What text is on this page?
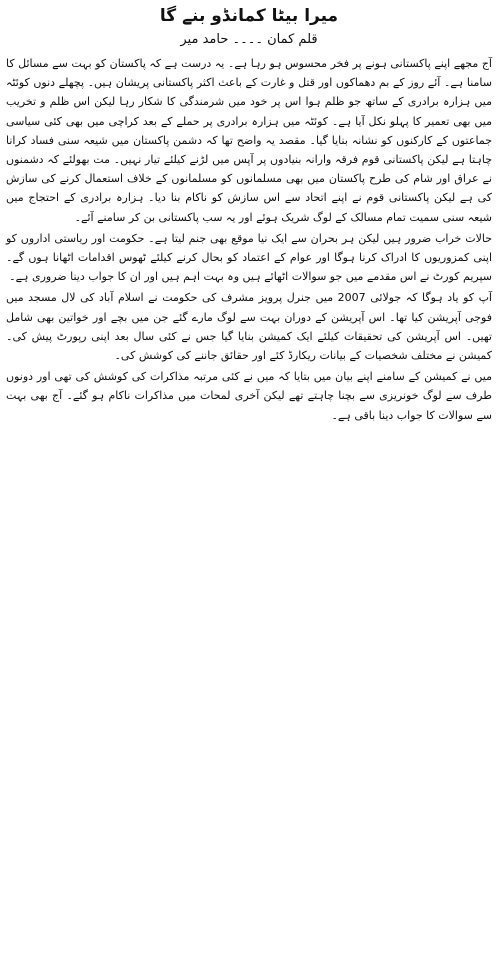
میرا بیٹا کمانڈو بنے گا
قلم کمان ۔۔۔۔ حامد میر

آج مجھے اپنے پاکستانی ہونے پر فخر محسوس ہو رہا ہے۔ یہ درست ہے کہ پاکستان کو بہت سے مسائل کا سامنا ہے۔ آئے روز کے بم دھماکوں اور قتل و غارت کے باعث اکثر پاکستانی پریشان ہیں۔ پچھلے دنوں کوئٹہ میں ہزارہ برادری کے ساتھ جو ظلم ہوا اس پر خود میں شرمندگی کا شکار رہا لیکن اس ظلم و تخریب میں بھی تعمیر کا پہلو نکل آیا ہے۔ کوئٹہ میں ہزارہ برادری پر حملے کے بعد کراچی میں بھی کئی سیاسی جماعتوں کے کارکنوں کو نشانہ بنایا گیا۔ مقصد یہ واضح تھا کہ دشمن پاکستان میں شیعہ سنی فساد کرانا چاہتا ہے لیکن پاکستانی قوم فرقہ وارانہ بنیادوں پر آپس میں لڑنے کیلئے تیار نہیں۔ مت بھولئے کہ دشمنوں نے عراق اور شام کی طرح پاکستان میں بھی مسلمانوں کو مسلمانوں کے خلاف استعمال کرنے کی سازش کی ہے لیکن پاکستانی قوم نے اپنے اتحاد سے اس سازش کو ناکام بنا دیا۔ ہزارہ برادری کے احتجاج میں شیعہ سنی سمیت تمام مسالک کے لوگ شریک ہوئے اور یہ سب پاکستانی بن کر سامنے آئے۔

حالات خراب ضرور ہیں لیکن ہر بحران سے ایک نیا موقع بھی جنم لیتا ہے۔ حکومت اور ریاستی اداروں کو اپنی کمزوریوں کا ادراک کرنا ہوگا اور عوام کے اعتماد کو بحال کرنے کیلئے ٹھوس اقدامات اٹھانا ہوں گے۔ سپریم کورٹ نے اس مقدمے میں جو سوالات اٹھائے ہیں وہ بہت اہم ہیں اور ان کا جواب دینا ضروری ہے۔

آپ کو یاد ہوگا کہ جولائی 2007 میں جنرل پرویز مشرف کی حکومت نے اسلام آباد کی لال مسجد میں فوجی آپریشن کیا تھا۔ اس آپریشن کے دوران بہت سے لوگ مارے گئے جن میں بچے اور خواتین بھی شامل تھیں۔ اس آپریشن کی تحقیقات کیلئے ایک کمیشن بنایا گیا جس نے کئی سال بعد اپنی رپورٹ پیش کی۔ کمیشن نے مختلف شخصیات کے بیانات ریکارڈ کئے اور حقائق جاننے کی کوشش کی۔

میں نے کمیشن کے سامنے اپنے بیان میں بتایا کہ میں نے کئی مرتبہ مذاکرات کی کوشش کی تھی اور دونوں طرف سے لوگ خونریزی سے بچنا چاہتے تھے لیکن آخری لمحات میں مذاکرات ناکام ہو گئے۔ آج بھی بہت سے سوالات کا جواب دینا باقی ہے۔
